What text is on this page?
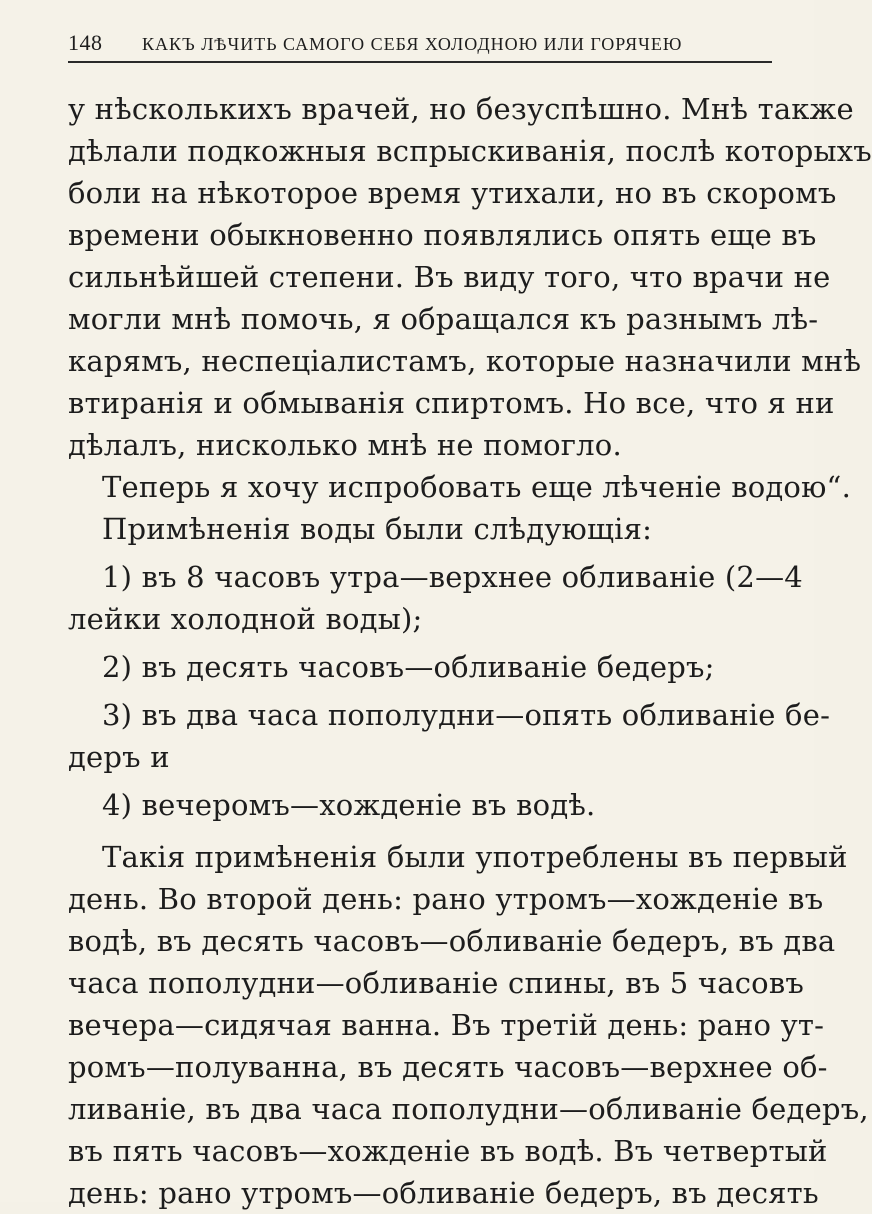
148 КАКЪ ЛѢЧИТЬ САМОГО СЕБЯ ХОЛОДНОЮ ИЛИ ГОРЯЧЕЮ
у нѣсколькихъ врачей, но безуспѣшно. Мнѣ также
дѣлали подкожныя вспрыскиванія, послѣ которыхъ
боли на нѣкоторое время утихали, но въ скоромъ
времени обыкновенно появлялись опять еще въ
сильнѣйшей степени. Въ виду того, что врачи не
могли мнѣ помочь, я обращался къ разнымъ лѣ-
карямъ, неспеціалистамъ, которые назначили мнѣ
втиранія и обмыванія спиртомъ. Но все, что я ни
дѣлалъ, нисколько мнѣ не помогло.
Теперь я хочу испробовать еще лѣченіе водою“.
Примѣненія воды были слѣдующія:
1) въ 8 часовъ утра—верхнее обливаніе (2—4
лейки холодной воды);
2) въ десять часовъ—обливаніе бедеръ;
3) въ два часа пополудни—опять обливаніе бе-
деръ и
4) вечеромъ—хожденіе въ водѣ.
Такія примѣненія были употреблены въ первый
день. Во второй день: рано утромъ—хожденіе въ
водѣ, въ десять часовъ—обливаніе бедеръ, въ два
часа пополудни—обливаніе спины, въ 5 часовъ
вечера—сидячая ванна. Въ третій день: рано ут-
ромъ—полуванна, въ десять часовъ—верхнее об-
ливаніе, въ два часа пополудни—обливаніе бедеръ,
въ пять часовъ—хожденіе въ водѣ. Въ четвертый
день: рано утромъ—обливаніе бедеръ, въ десять
